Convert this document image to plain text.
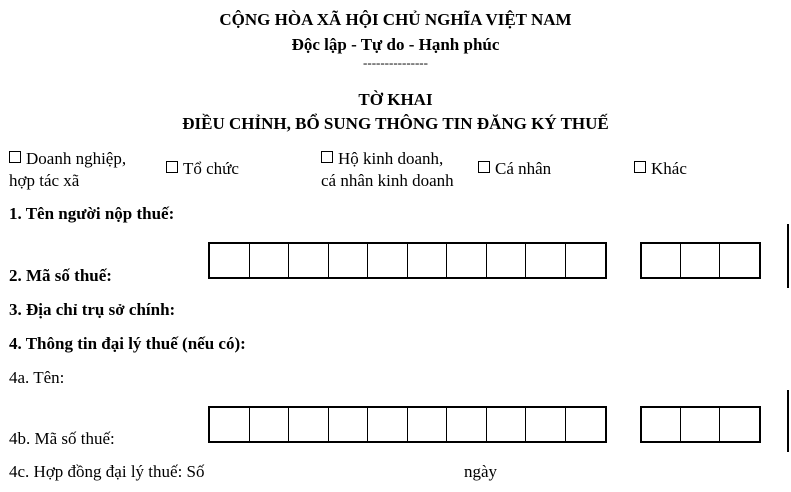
CỘNG HÒA XÃ HỘI CHỦ NGHĨA VIỆT NAM
Độc lập - Tự do - Hạnh phúc
---------------
TỜ KHAI
ĐIỀU CHỈNH, BỔ SUNG THÔNG TIN ĐĂNG KÝ THUẾ
Doanh nghiệp,
hợp tác xã
Tổ chức
Hộ kinh doanh,
cá nhân kinh doanh
Cá nhân	Khác
1. Tên người nộp thuế:
2. Mã số thuế:
3. Địa chỉ trụ sở chính:
4. Thông tin đại lý thuế (nếu có):
4a. Tên:
4b. Mã số thuế:
4c. Hợp đồng đại lý thuế: Số	ngày
